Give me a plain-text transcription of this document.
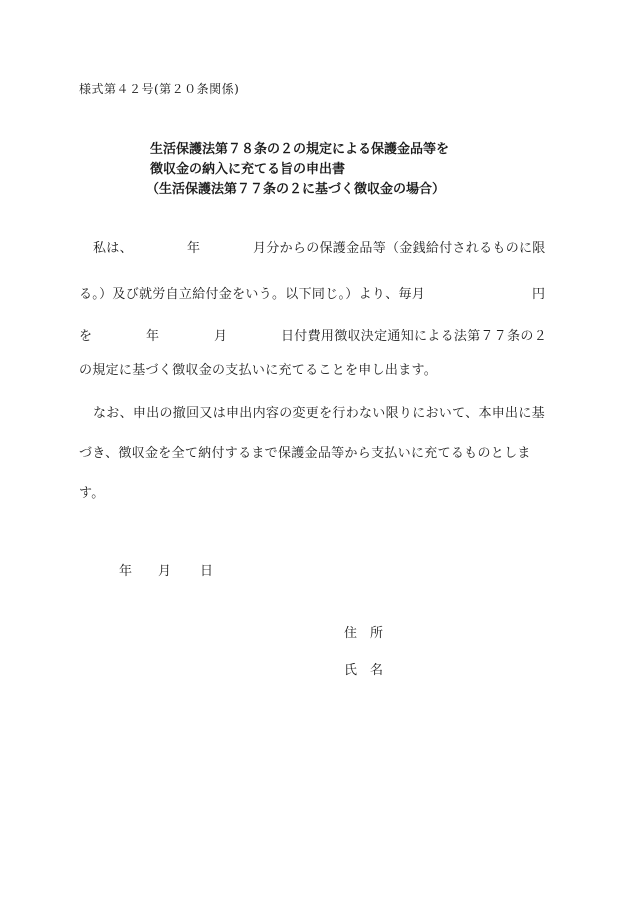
様式第４２号(第２０条関係)
生活保護法第７８条の２の規定による保護金品等を
徴収金の納入に充てる旨の申出書
（生活保護法第７７条の２に基づく徴収金の場合）
私は、	年	月分からの保護金品等（金銭給付されるものに限
る。）及び就労自立給付金をいう。以下同じ。）より、毎月	円
を	年	月	日付費用徴収決定通知による法第７７条の２
の規定に基づく徴収金の支払いに充てることを申し出ます。
なお、申出の撤回又は申出内容の変更を行わない限りにおいて、本申出に基
づき、徴収金を全て納付するまで保護金品等から支払いに充てるものとしま
す。
年 月 日
住　所
氏　名
